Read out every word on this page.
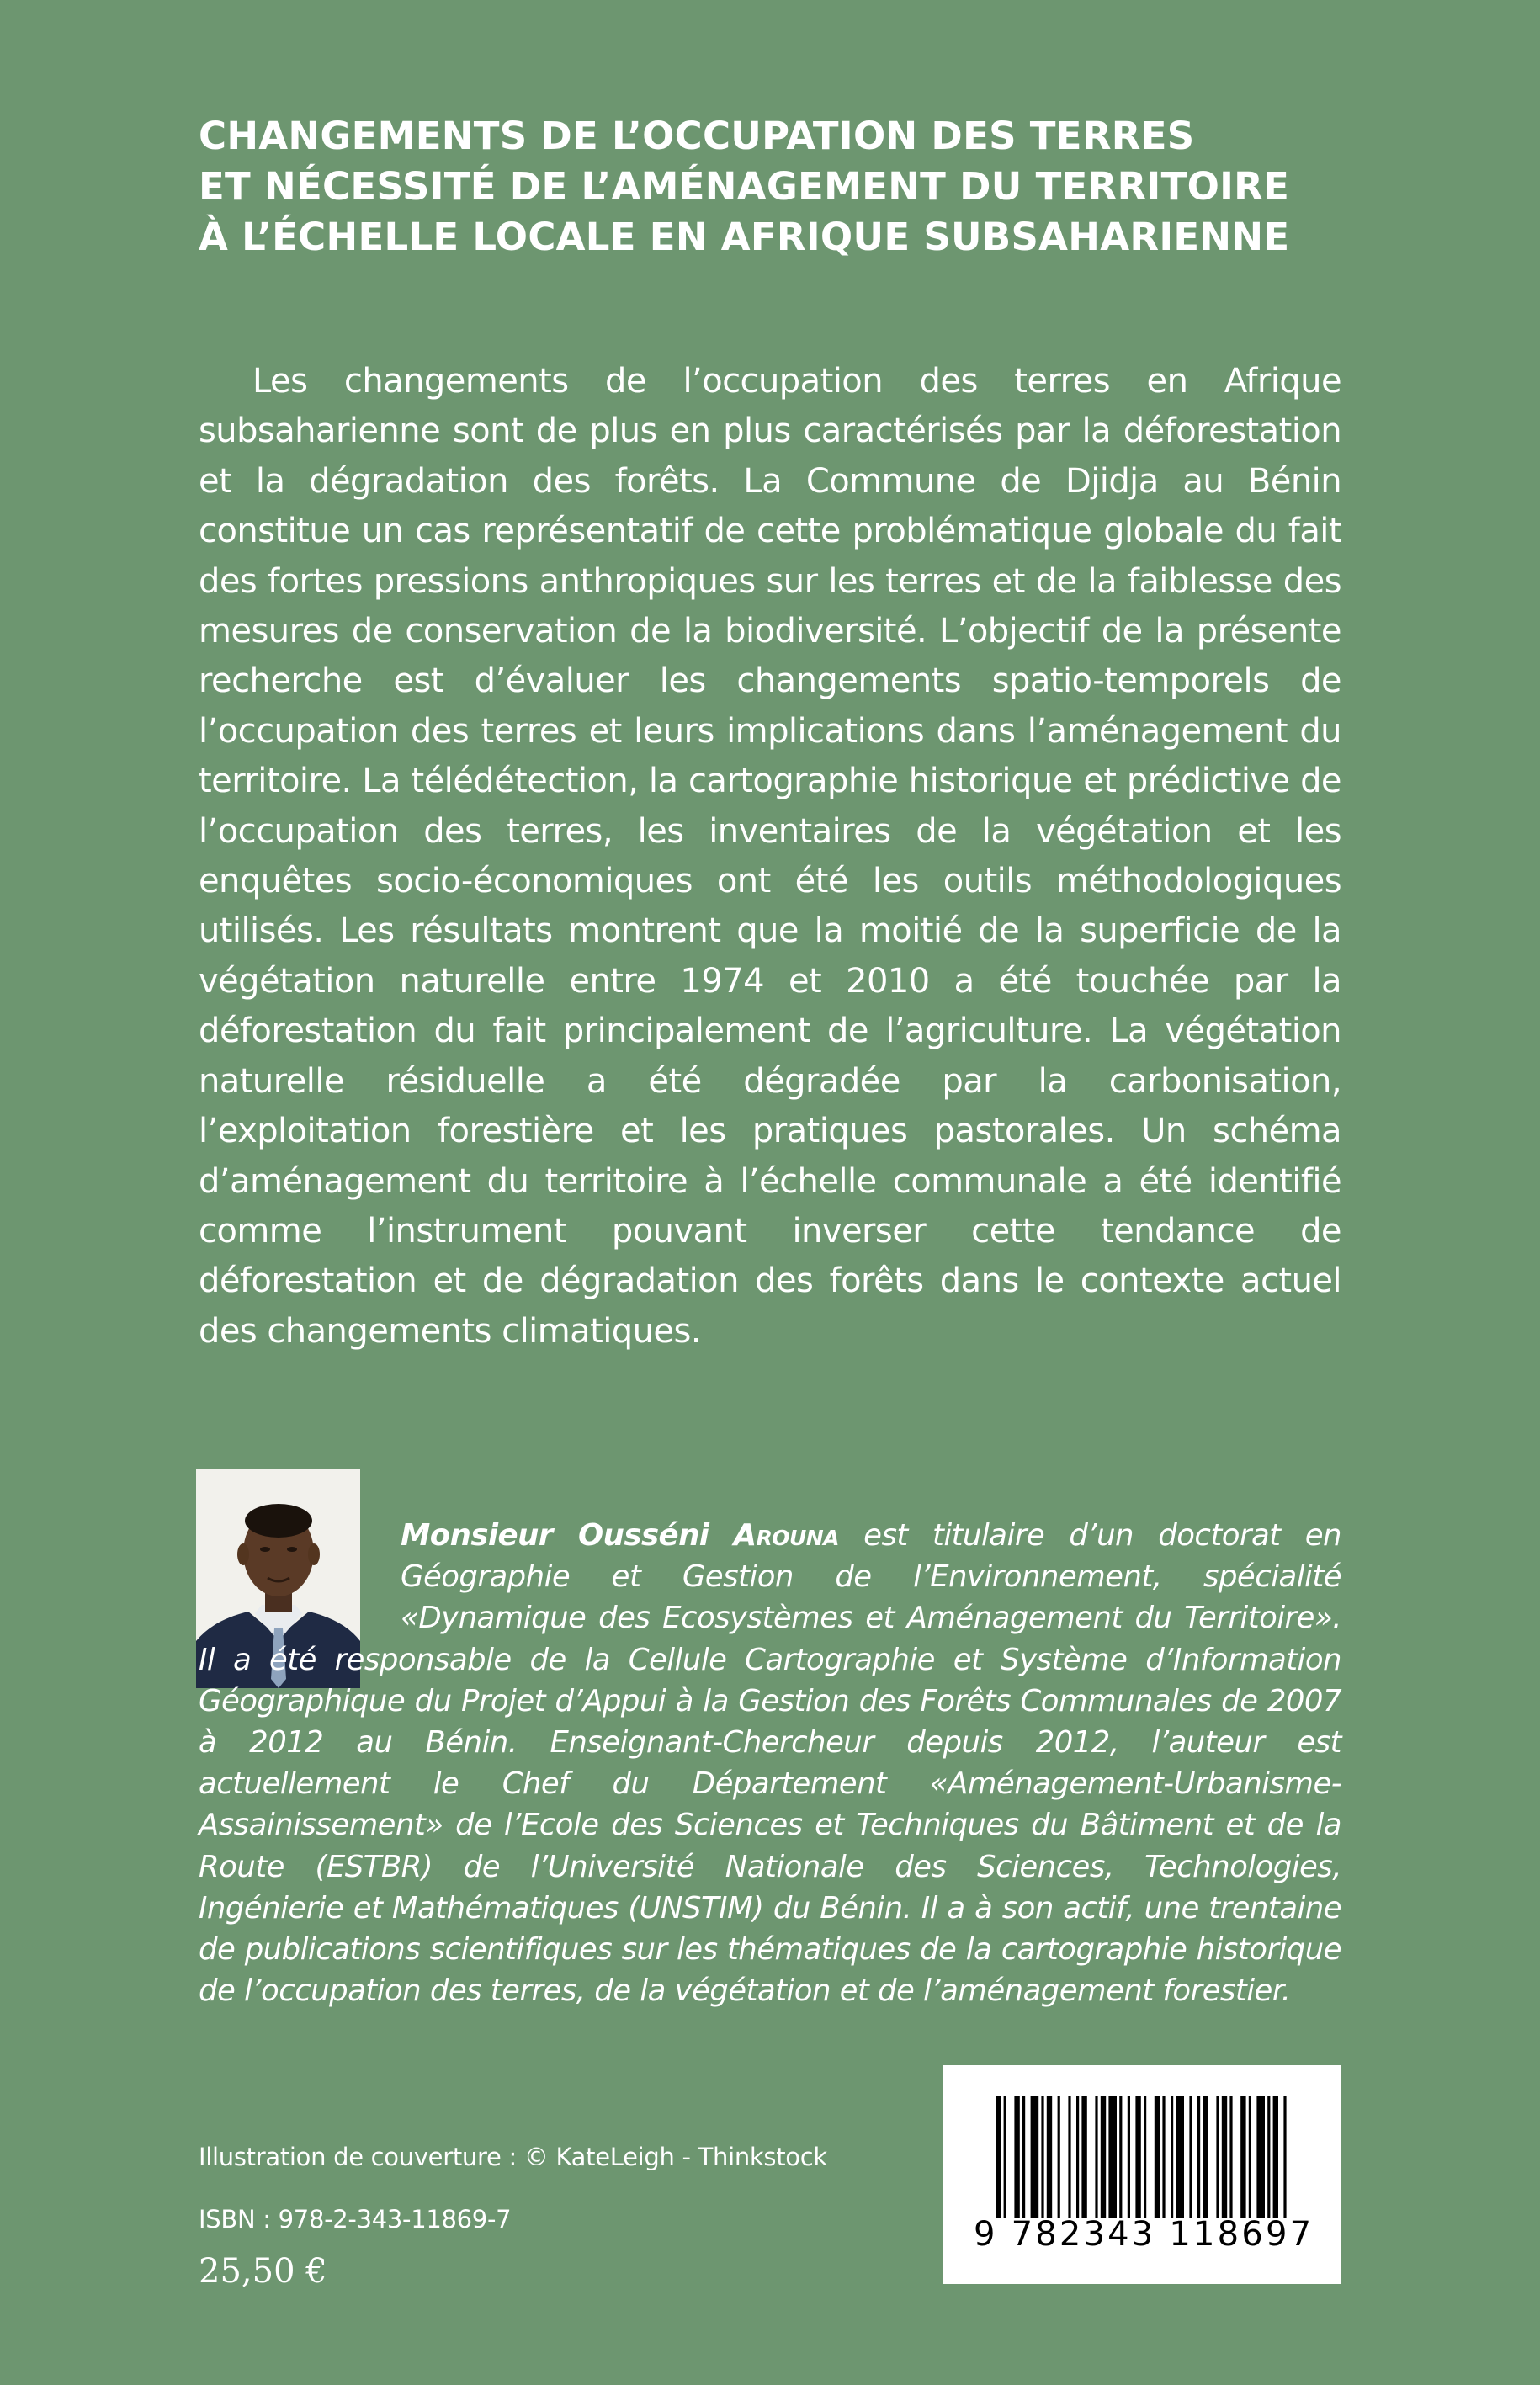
CHANGEMENTS DE L’OCCUPATION DES TERRES
ET NÉCESSITÉ DE L’AMÉNAGEMENT DU TERRITOIRE
À L’ÉCHELLE LOCALE EN AFRIQUE SUBSAHARIENNE

Les changements de l’occupation des terres en Afrique subsaharienne sont de plus en plus caractérisés par la déforestation et la dégradation des forêts. La Commune de Djidja au Bénin constitue un cas représentatif de cette problématique globale du fait des fortes pressions anthropiques sur les terres et de la faiblesse des mesures de conservation de la biodiversité. L’objectif de la présente recherche est d’évaluer les changements spatio-temporels de l’occupation des terres et leurs implications dans l’aménagement du territoire. La télédétection, la cartographie historique et prédictive de l’occupation des terres, les inventaires de la végétation et les enquêtes socio-économiques ont été les outils méthodologiques utilisés. Les résultats montrent que la moitié de la superficie de la végétation naturelle entre 1974 et 2010 a été touchée par la déforestation du fait principalement de l’agriculture. La végétation naturelle résiduelle a été dégradée par la carbonisation, l’exploitation forestière et les pratiques pastorales. Un schéma d’aménagement du territoire à l’échelle communale a été identifié comme l’instrument pouvant inverser cette tendance de déforestation et de dégradation des forêts dans le contexte actuel des changements climatiques.

Monsieur Ousséni Arouna est titulaire d’un doctorat en Géographie et Gestion de l’Environnement, spécialité «Dynamique des Ecosystèmes et Aménagement du Territoire». Il a été responsable de la Cellule Cartographie et Système d’Information Géographique du Projet d’Appui à la Gestion des Forêts Communales de 2007 à 2012 au Bénin. Enseignant-Chercheur depuis 2012, l’auteur est actuellement le Chef du Département «Aménagement-Urbanisme-Assainissement» de l’Ecole des Sciences et Techniques du Bâtiment et de la Route (ESTBR) de l’Université Nationale des Sciences, Technologies, Ingénierie et Mathématiques (UNSTIM) du Bénin. Il a à son actif, une trentaine de publications scientifiques sur les thématiques de la cartographie historique de l’occupation des terres, de la végétation et de l’aménagement forestier.

Illustration de couverture : © KateLeigh - Thinkstock
ISBN : 978-2-343-11869-7
25,50 €
9 782343 118697
